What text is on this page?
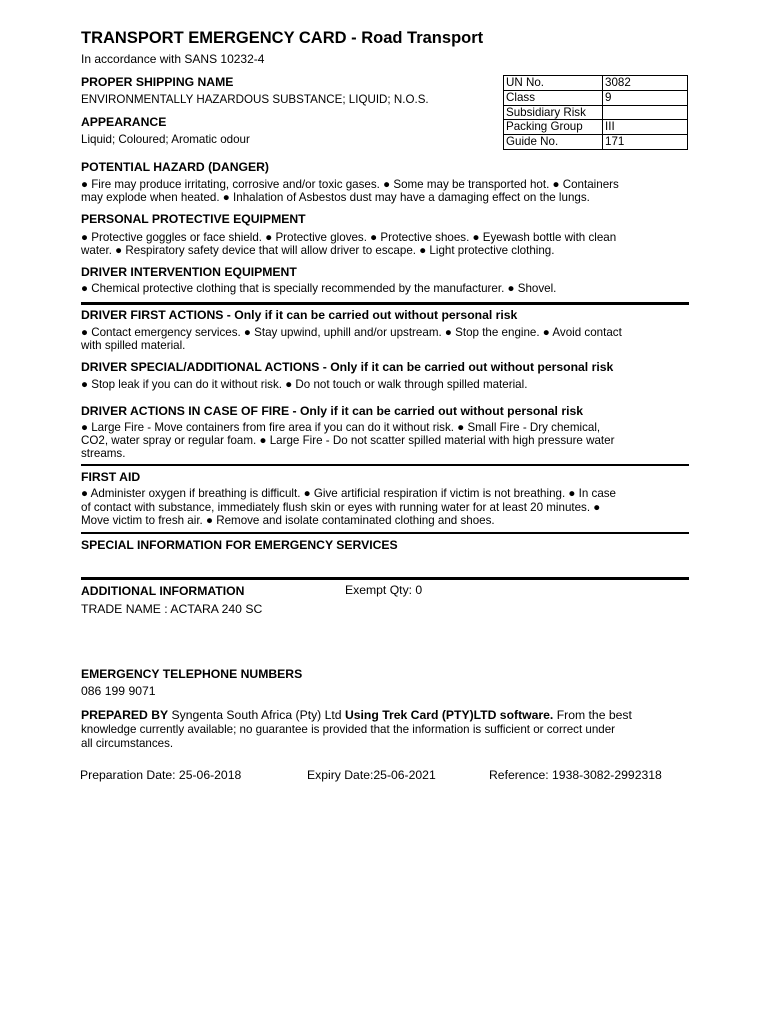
TRANSPORT EMERGENCY CARD - Road Transport
In accordance with SANS 10232-4
PROPER SHIPPING NAME
ENVIRONMENTALLY HAZARDOUS SUBSTANCE; LIQUID; N.O.S.
APPEARANCE
Liquid; Coloured; Aromatic odour
UN No.	3082
Class	9
Subsidiary Risk	
Packing Group	III
Guide No.	171
POTENTIAL HAZARD (DANGER)
● Fire may produce irritating, corrosive and/or toxic gases. ● Some may be transported hot. ● Containers
may explode when heated. ● Inhalation of Asbestos dust may have a damaging effect on the lungs.
PERSONAL PROTECTIVE EQUIPMENT
● Protective goggles or face shield. ● Protective gloves. ● Protective shoes. ● Eyewash bottle with clean
water. ● Respiratory safety device that will allow driver to escape. ● Light protective clothing.
DRIVER INTERVENTION EQUIPMENT
● Chemical protective clothing that is specially recommended by the manufacturer. ● Shovel.
DRIVER FIRST ACTIONS - Only if it can be carried out without personal risk
● Contact emergency services. ● Stay upwind, uphill and/or upstream. ● Stop the engine. ● Avoid contact
with spilled material.
DRIVER SPECIAL/ADDITIONAL ACTIONS - Only if it can be carried out without personal risk
● Stop leak if you can do it without risk. ● Do not touch or walk through spilled material.
DRIVER ACTIONS IN CASE OF FIRE - Only if it can be carried out without personal risk
● Large Fire - Move containers from fire area if you can do it without risk. ● Small Fire - Dry chemical,
CO2, water spray or regular foam. ● Large Fire - Do not scatter spilled material with high pressure water
streams.
FIRST AID
● Administer oxygen if breathing is difficult. ● Give artificial respiration if victim is not breathing. ● In case
of contact with substance, immediately flush skin or eyes with running water for at least 20 minutes. ●
Move victim to fresh air. ● Remove and isolate contaminated clothing and shoes.
SPECIAL INFORMATION FOR EMERGENCY SERVICES
ADDITIONAL INFORMATION	Exempt Qty: 0
TRADE NAME : ACTARA 240 SC
EMERGENCY TELEPHONE NUMBERS
086 199 9071
PREPARED BY Syngenta South Africa (Pty) Ltd Using Trek Card (PTY)LTD software. From the best
knowledge currently available; no guarantee is provided that the information is sufficient or correct under
all circumstances.
Preparation Date: 25-06-2018	Expiry Date:25-06-2021	Reference: 1938-3082-2992318
